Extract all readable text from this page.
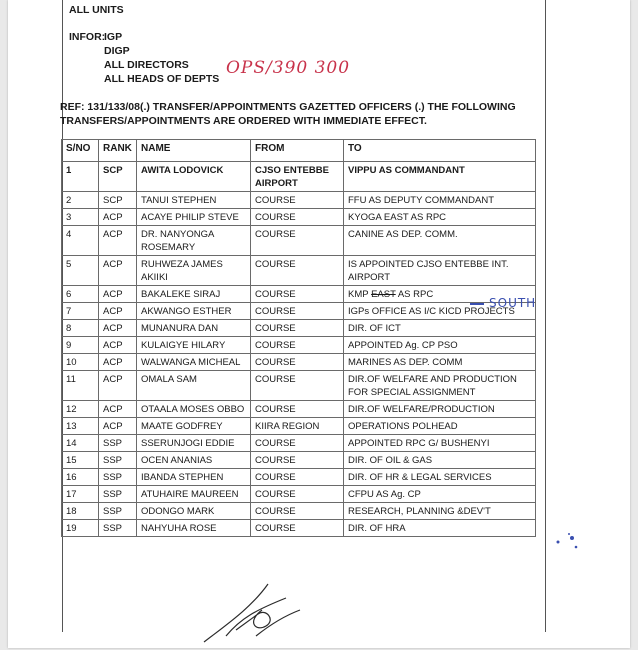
ALL UNITS
INFOR:
IGP
DIGP
ALL DIRECTORS
ALL HEADS OF DEPTS
OPS/390 300
REF: 131/133/08(.) TRANSFER/APPOINTMENTS GAZETTED OFFICERS (.) THE FOLLOWING TRANSFERS/APPOINTMENTS ARE ORDERED WITH IMMEDIATE EFFECT.
S/NO	RANK	NAME	FROM	TO
1	SCP	AWITA LODOVICK	CJSO ENTEBBE AIRPORT	VIPPU AS COMMANDANT
2	SCP	TANUI STEPHEN	COURSE	FFU AS DEPUTY COMMANDANT
3	ACP	ACAYE PHILIP STEVE	COURSE	KYOGA EAST AS RPC
4	ACP	DR. NANYONGA ROSEMARY	COURSE	CANINE AS DEP. COMM.
5	ACP	RUHWEZA JAMES AKIIKI	COURSE	IS APPOINTED CJSO ENTEBBE INT. AIRPORT
6	ACP	BAKALEKE SIRAJ	COURSE	KMP EAST AS RPC
7	ACP	AKWANGO ESTHER	COURSE	IGPs OFFICE AS I/C KICD PROJECTS
8	ACP	MUNANURA DAN	COURSE	DIR. OF ICT
9	ACP	KULAIGYE HILARY	COURSE	APPOINTED Ag. CP PSO
10	ACP	WALWANGA MICHEAL	COURSE	MARINES AS DEP. COMM
11	ACP	OMALA SAM	COURSE	DIR.OF WELFARE AND PRODUCTION FOR SPECIAL ASSIGNMENT
12	ACP	OTAALA MOSES OBBO	COURSE	DIR.OF WELFARE/PRODUCTION
13	ACP	MAATE GODFREY	KIIRA REGION	OPERATIONS POLHEAD
14	SSP	SSERUNJOGI EDDIE	COURSE	APPOINTED RPC G/ BUSHENYI
15	SSP	OCEN ANANIAS	COURSE	DIR. OF OIL & GAS
16	SSP	IBANDA STEPHEN	COURSE	DIR. OF HR & LEGAL SERVICES
17	SSP	ATUHAIRE MAUREEN	COURSE	CFPU AS Ag. CP
18	SSP	ODONGO MARK	COURSE	RESEARCH, PLANNING &DEV'T
19	SSP	NAHYUHA ROSE	COURSE	DIR. OF HRA
SOUTH
